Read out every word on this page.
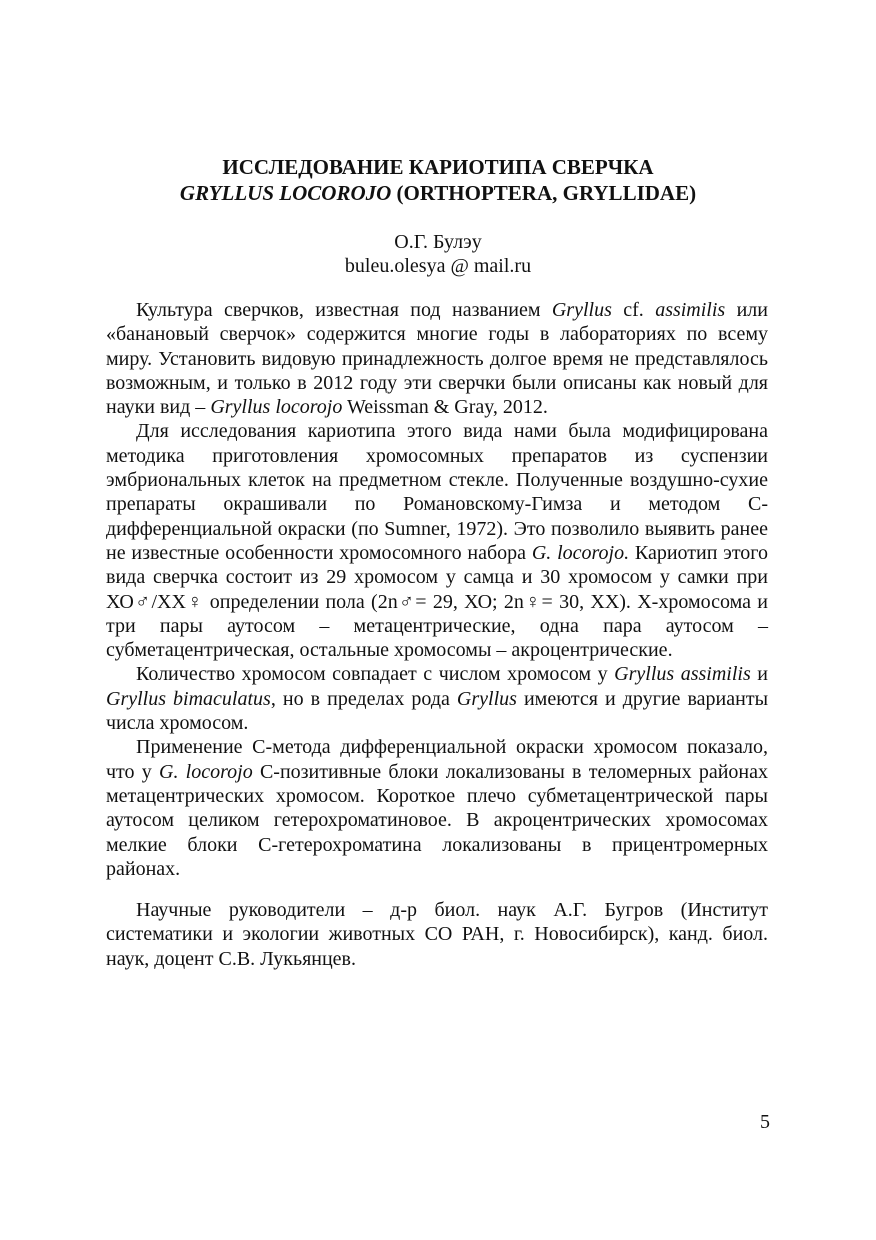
ИССЛЕДОВАНИЕ КАРИОТИПА СВЕРЧКА
GRYLLUS LOCOROJO (ORTHOPTERA, GRYLLIDAE)
О.Г. Булэу
buleu.olesya @ mail.ru

Культура сверчков, известная под названием Gryllus cf. assimilis или «банановый сверчок» содержится многие годы в лабораториях по всему миру. Установить видовую принадлежность долгое время не представлялось возможным, и только в 2012 году эти сверчки были описаны как новый для науки вид – Gryllus locorojo Weissman & Gray, 2012.

Для исследования кариотипа этого вида нами была модифицирована методика приготовления хромосомных препаратов из суспензии эмбриональных клеток на предметном стекле. Полученные воздушно-сухие препараты окрашивали по Романовскому-Гимза и методом С-дифференциальной окраски (по Sumner, 1972). Это позволило выявить ранее не известные особенности хромосомного набора G. locorojo. Кариотип этого вида сверчка состоит из 29 хромосом у самца и 30 хромосом у самки при ХО♂/ХХ♀ определении пола (2n♂= 29, ХО; 2n♀= 30, ХХ). Х-хромосома и три пары аутосом – метацентрические, одна пара аутосом – субметацентрическая, остальные хромосомы – акроцентрические.

Количество хромосом совпадает с числом хромосом у Gryllus assimilis и Gryllus bimaculatus, но в пределах рода Gryllus имеются и другие варианты числа хромосом.

Применение С-метода дифференциальной окраски хромосом показало, что у G. locorojo С-позитивные блоки локализованы в теломерных районах метацентрических хромосом. Короткое плечо субметацентрической пары аутосом целиком гетерохроматиновое. В акроцентрических хромосомах мелкие блоки С-гетерохроматина локализованы в прицентромерных районах.

Научные руководители – д-р биол. наук А.Г. Бугров (Институт систематики и экологии животных СО РАН, г. Новосибирск), канд. биол. наук, доцент С.В. Лукьянцев.

5
